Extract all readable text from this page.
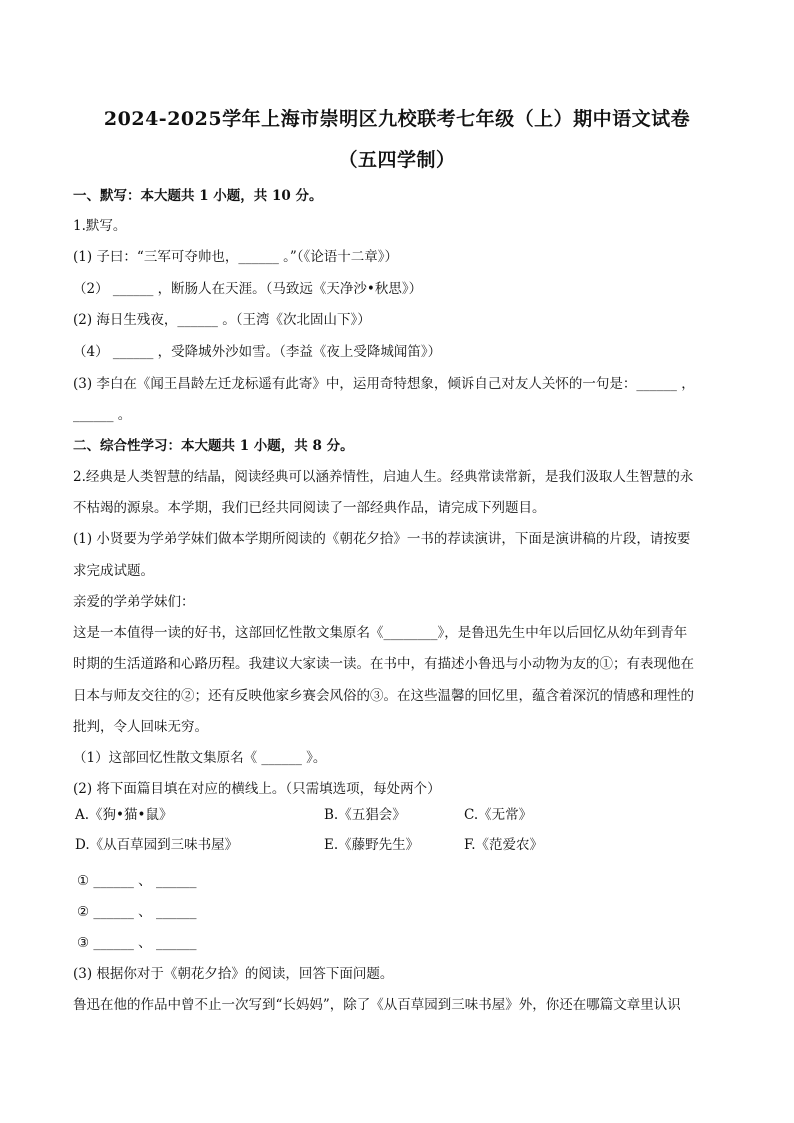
2024-2025学年上海市崇明区九校联考七年级（上）期中语文试卷
（五四学制）
一、默写：本大题共 1 小题，共 10 分。
1.默写。
(1) 子曰：“三军可夺帅也，______ 。”（《论语十二章》）
（2） ______ ，断肠人在天涯。（马致远《天净沙•秋思》）
(2) 海日生残夜，______ 。（王湾《次北固山下》）
（4） ______ ，受降城外沙如雪。（李益《夜上受降城闻笛》）
(3) 李白在《闻王昌龄左迁龙标遥有此寄》中，运用奇特想象，倾诉自己对友人关怀的一句是：______ ，
______ 。
二、综合性学习：本大题共 1 小题，共 8 分。
2.经典是人类智慧的结晶，阅读经典可以涵养情性，启迪人生。经典常读常新，是我们汲取人生智慧的永
不枯竭的源泉。本学期，我们已经共同阅读了一部经典作品，请完成下列题目。
(1) 小贤要为学弟学妹们做本学期所阅读的《朝花夕拾》一书的荐读演讲，下面是演讲稿的片段，请按要
求完成试题。
亲爱的学弟学妹们：
这是一本值得一读的好书，这部回忆性散文集原名《________》，是鲁迅先生中年以后回忆从幼年到青年
时期的生活道路和心路历程。我建议大家读一读。在书中，有描述小鲁迅与小动物为友的①；有表现他在
日本与师友交往的②；还有反映他家乡赛会风俗的③。在这些温馨的回忆里，蕴含着深沉的情感和理性的
批判，令人回味无穷。
（1）这部回忆性散文集原名《 ______ 》。
(2) 将下面篇目填在对应的横线上。（只需填选项，每处两个）
A.《狗•猫•鼠》	B.《五猖会》	C.《无常》
D.《从百草园到三味书屋》	E.《藤野先生》	F.《范爱农》
① ______ 、 ______
② ______ 、 ______
③ ______ 、 ______
(3) 根据你对于《朝花夕拾》的阅读，回答下面问题。
鲁迅在他的作品中曾不止一次写到“长妈妈”，除了《从百草园到三味书屋》外，你还在哪篇文章里认识
